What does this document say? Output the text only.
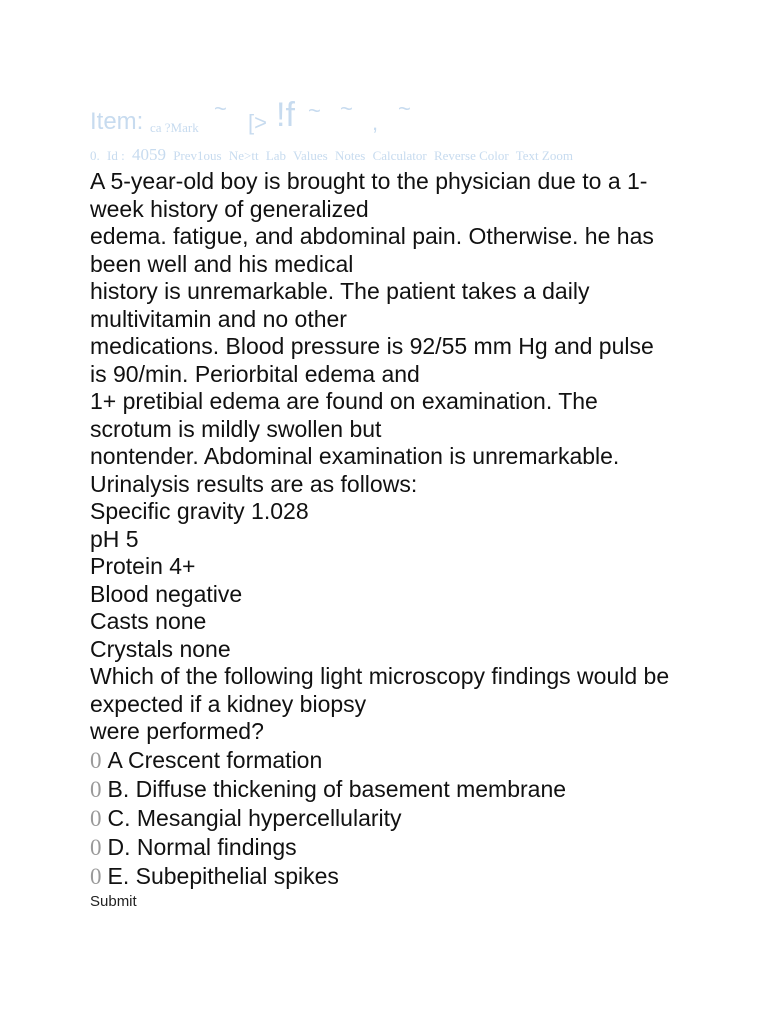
Item: ca ?Mark
~
[> !f ~ ~
,
~
0. Id : 4059 Prev1ous Ne>tt Lab Values Notes Calculator Reverse Color Text Zoom
A 5-year-old boy is brought to the physician due to a 1-
week history of generalized
edema. fatigue, and abdominal pain. Otherwise. he has
been well and his medical
history is unremarkable. The patient takes a daily
multivitamin and no other
medications. Blood pressure is 92/55 mm Hg and pulse
is 90/min. Periorbital edema and
1+ pretibial edema are found on examination. The
scrotum is mildly swollen but
nontender. Abdominal examination is unremarkable.
Urinalysis results are as follows:
Specific gravity 1.028
pH 5
Protein 4+
Blood negative
Casts none
Crystals none
Which of the following light microscopy findings would be
expected if a kidney biopsy
were performed?
0 A Crescent formation
0 B. Diffuse thickening of basement membrane
0 C. Mesangial hypercellularity
0 D. Normal findings
0 E. Subepithelial spikes
Submit
